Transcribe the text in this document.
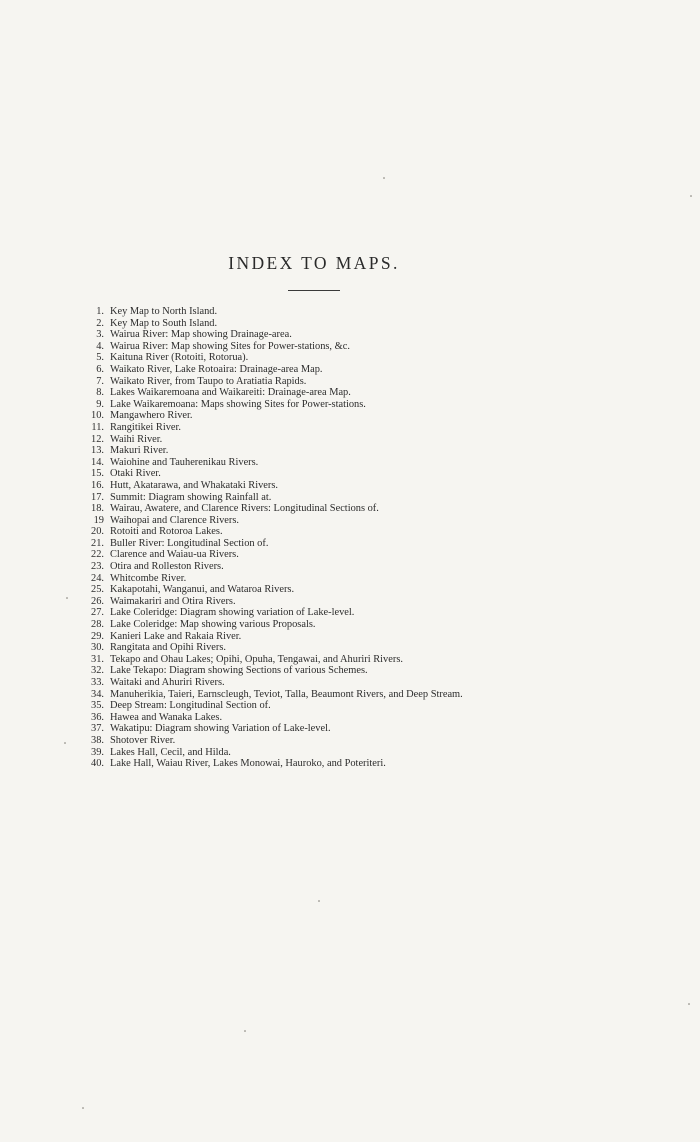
INDEX TO MAPS.
1. Key Map to North Island.
2. Key Map to South Island.
3. Wairua River: Map showing Drainage-area.
4. Wairua River: Map showing Sites for Power-stations, &c.
5. Kaituna River (Rotoiti, Rotorua).
6. Waikato River, Lake Rotoaira: Drainage-area Map.
7. Waikato River, from Taupo to Aratiatia Rapids.
8. Lakes Waikaremoana and Waikareiti: Drainage-area Map.
9. Lake Waikaremoana: Maps showing Sites for Power-stations.
10. Mangawhero River.
11. Rangitikei River.
12. Waihi River.
13. Makuri River.
14. Waiohine and Tauherenikau Rivers.
15. Otaki River.
16. Hutt, Akatarawa, and Whakataki Rivers.
17. Summit: Diagram showing Rainfall at.
18. Wairau, Awatere, and Clarence Rivers: Longitudinal Sections of.
19 Waihopai and Clarence Rivers.
20. Rotoiti and Rotoroa Lakes.
21. Buller River: Longitudinal Section of.
22. Clarence and Waiau-ua Rivers.
23. Otira and Rolleston Rivers.
24. Whitcombe River.
25. Kakapotahi, Wanganui, and Wataroa Rivers.
26. Waimakariri and Otira Rivers.
27. Lake Coleridge: Diagram showing variation of Lake-level.
28. Lake Coleridge: Map showing various Proposals.
29. Kanieri Lake and Rakaia River.
30. Rangitata and Opihi Rivers.
31. Tekapo and Ohau Lakes; Opihi, Opuha, Tengawai, and Ahuriri Rivers.
32. Lake Tekapo: Diagram showing Sections of various Schemes.
33. Waitaki and Ahuriri Rivers.
34. Manuherikia, Taieri, Earnscleugh, Teviot, Talla, Beaumont Rivers, and Deep Stream.
35. Deep Stream: Longitudinal Section of.
36. Hawea and Wanaka Lakes.
37. Wakatipu: Diagram showing Variation of Lake-level.
38. Shotover River.
39. Lakes Hall, Cecil, and Hilda.
40. Lake Hall, Waiau River, Lakes Monowai, Hauroko, and Poteriteri.
